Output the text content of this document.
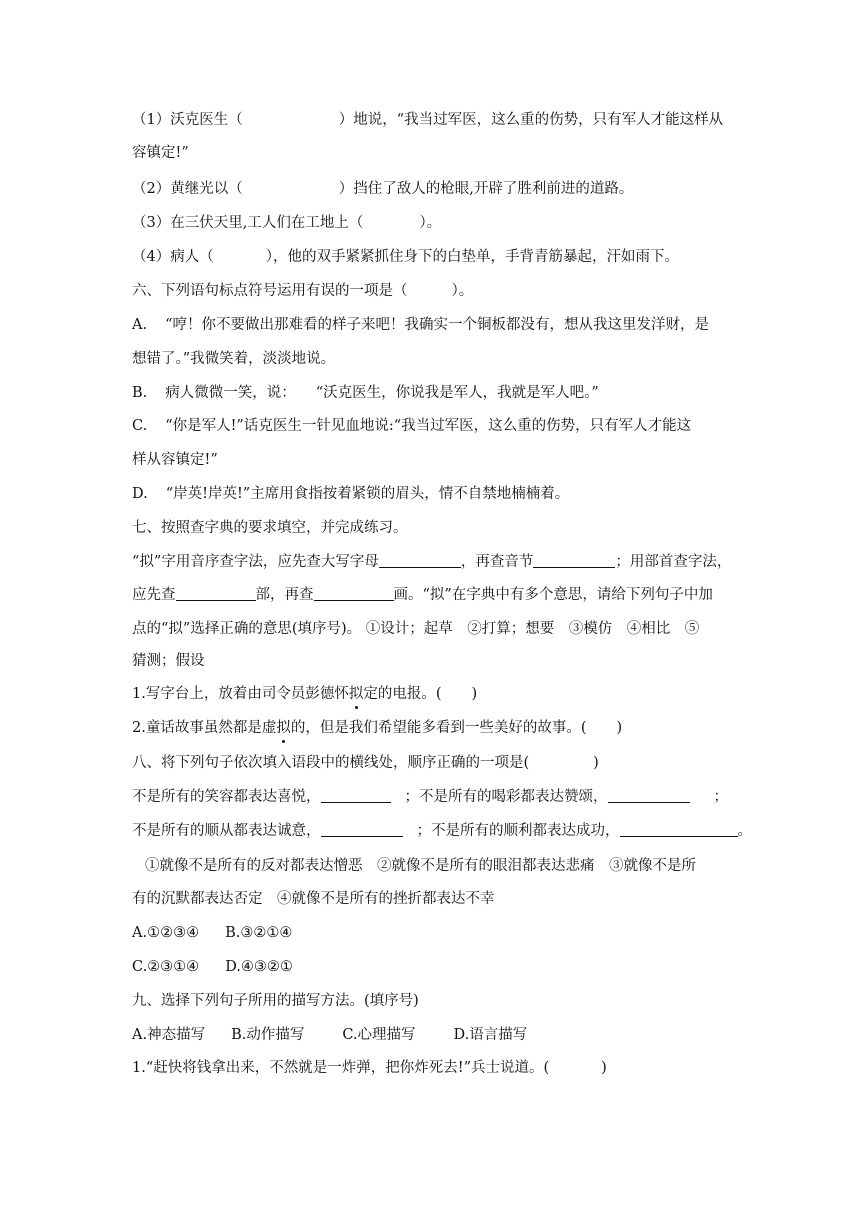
（1）沃克医生（	）地说，“我当过军医，这么重的伤势，只有军人才能这样从
容镇定!”
（2）黄继光以（	）挡住了敌人的枪眼,开辟了胜利前进的道路。
（3）在三伏天里,工人们在工地上（	）。
（4）病人（	），他的双手紧紧抓住身下的白垫单，手背青筋暴起，汗如雨下。
六、下列语句标点符号运用有误的一项是（	）。
A. “哼！你不要做出那难看的样子来吧！我确实一个铜板都没有，想从我这里发洋财，是
想错了。”我微笑着，淡淡地说。
B. 病人微微一笑，说： “沃克医生，你说我是军人，我就是军人吧。”
C. “你是军人!”话克医生一针见血地说:“我当过军医，这么重的伤势，只有军人才能这
样从容镇定!”
D. “岸英!岸英!”主席用食指按着紧锁的眉头，情不自禁地楠楠着。
七、按照查字典的要求填空，并完成练习。
“拟”字用音序查字法，应先查大写字母	，再查音节	；用部首查字法，
应先查	部，再查	画。“拟”在字典中有多个意思，请给下列句子中加
点的“拟”选择正确的意思(填序号)。 ①设计；起草　②打算；想要　③模仿　④相比　⑤
猜测；假设
1.写字台上，放着由司令员彭德怀拟定的电报。( )
2.童话故事虽然都是虚拟的，但是我们希望能多看到一些美好的故事。( )
八、将下列句子依次填入语段中的横线处，顺序正确的一项是(	)
不是所有的笑容都表达喜悦，	；不是所有的喝彩都表达赞颂，	；
不是所有的顺从都表达诚意，	；不是所有的顺利都表达成功，	。
①就像不是所有的反对都表达憎恶　②就像不是所有的眼泪都表达悲痛　③就像不是所
有的沉默都表达否定　④就像不是所有的挫折都表达不幸
A.①②③④ B.③②①④
C.②③①④ D.④③②①
九、选择下列句子所用的描写方法。(填序号)
A.神态描写 B.动作描写	C.心理描写	D.语言描写
1.“赶快将钱拿出来，不然就是一炸弹，把你炸死去!”兵士说道。(	)
